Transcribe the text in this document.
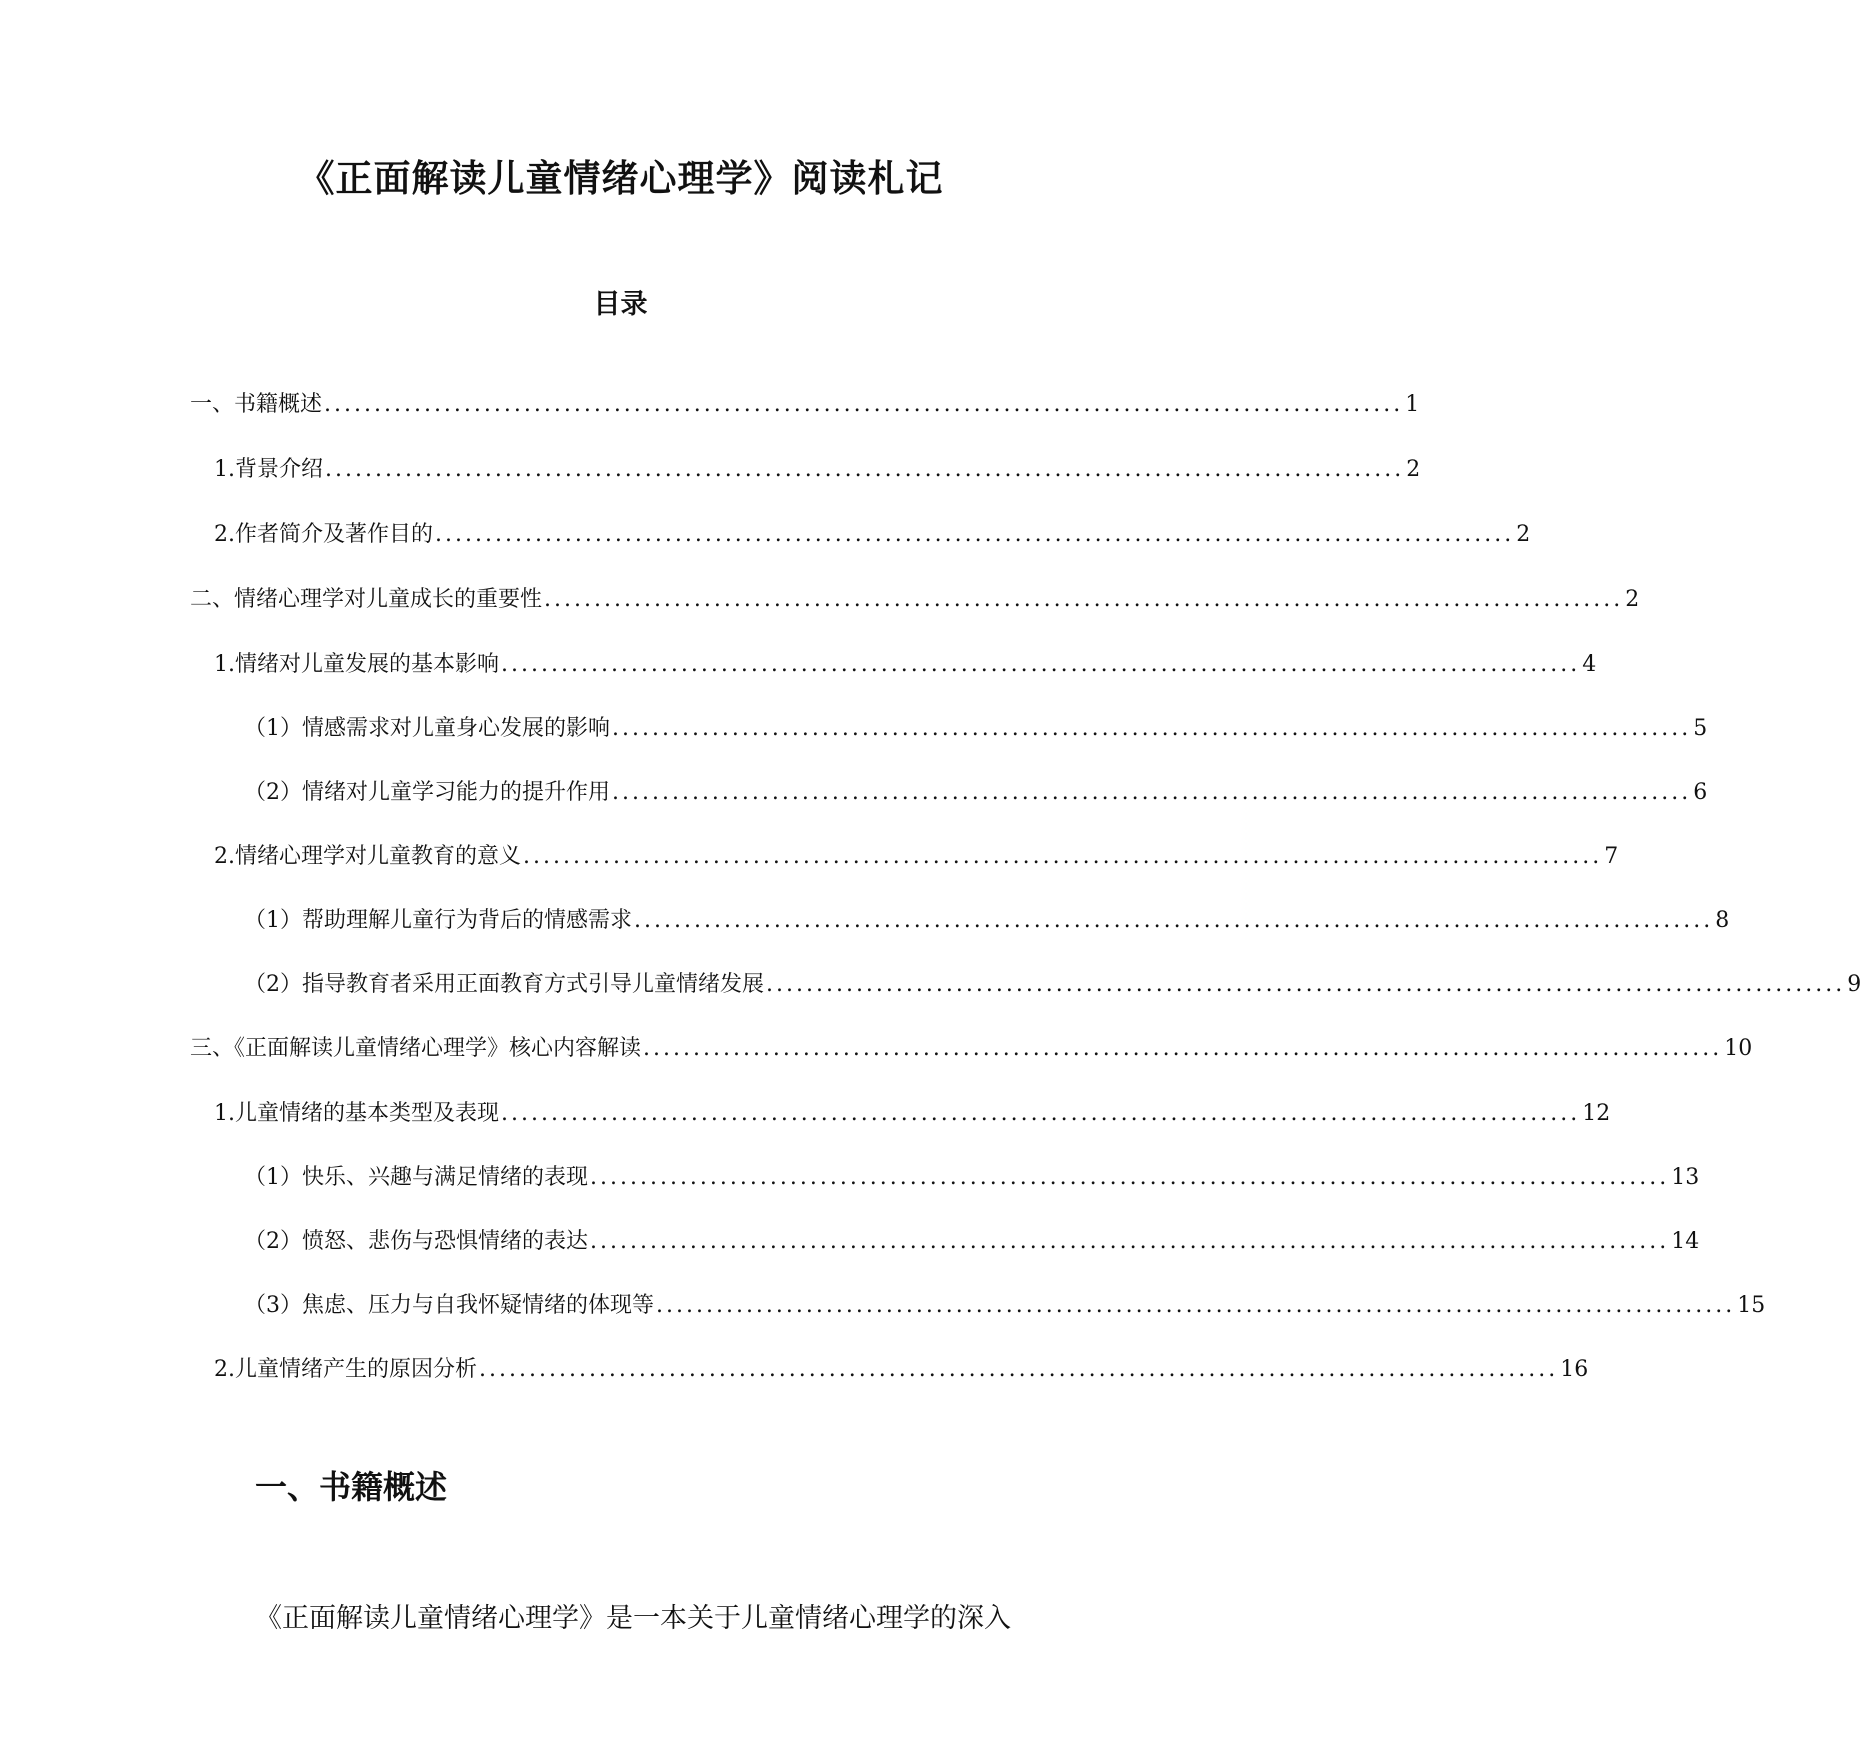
《正面解读儿童情绪心理学》阅读札记
目录
一、书籍概述 ............................................................................................................ 1
1. 背景介绍 ............................................................................................................ 2
2. 作者简介及著作目的 ............................................................................................................ 2
二、情绪心理学对儿童成长的重要性 ............................................................................................................ 2
1. 情绪对儿童发展的基本影响 ............................................................................................................ 4
（1）情感需求对儿童身心发展的影响 ............................................................................................................ 5
（2）情绪对儿童学习能力的提升作用 ............................................................................................................ 6
2. 情绪心理学对儿童教育的意义 ............................................................................................................ 7
（1）帮助理解儿童行为背后的情感需求 ............................................................................................................ 8
（2）指导教育者采用正面教育方式引导儿童情绪发展 ............................................................................................................ 9
三、《正面解读儿童情绪心理学》核心内容解读 ............................................................................................................ 10
1. 儿童情绪的基本类型及表现 ............................................................................................................ 12
（1）快乐、兴趣与满足情绪的表现 ............................................................................................................ 13
（2）愤怒、悲伤与恐惧情绪的表达 ............................................................................................................ 14
（3）焦虑、压力与自我怀疑情绪的体现等 ............................................................................................................ 15
2. 儿童情绪产生的原因分析 ............................................................................................................ 16
一、书籍概述
《正面解读儿童情绪心理学》是一本关于儿童情绪心理学的深入
